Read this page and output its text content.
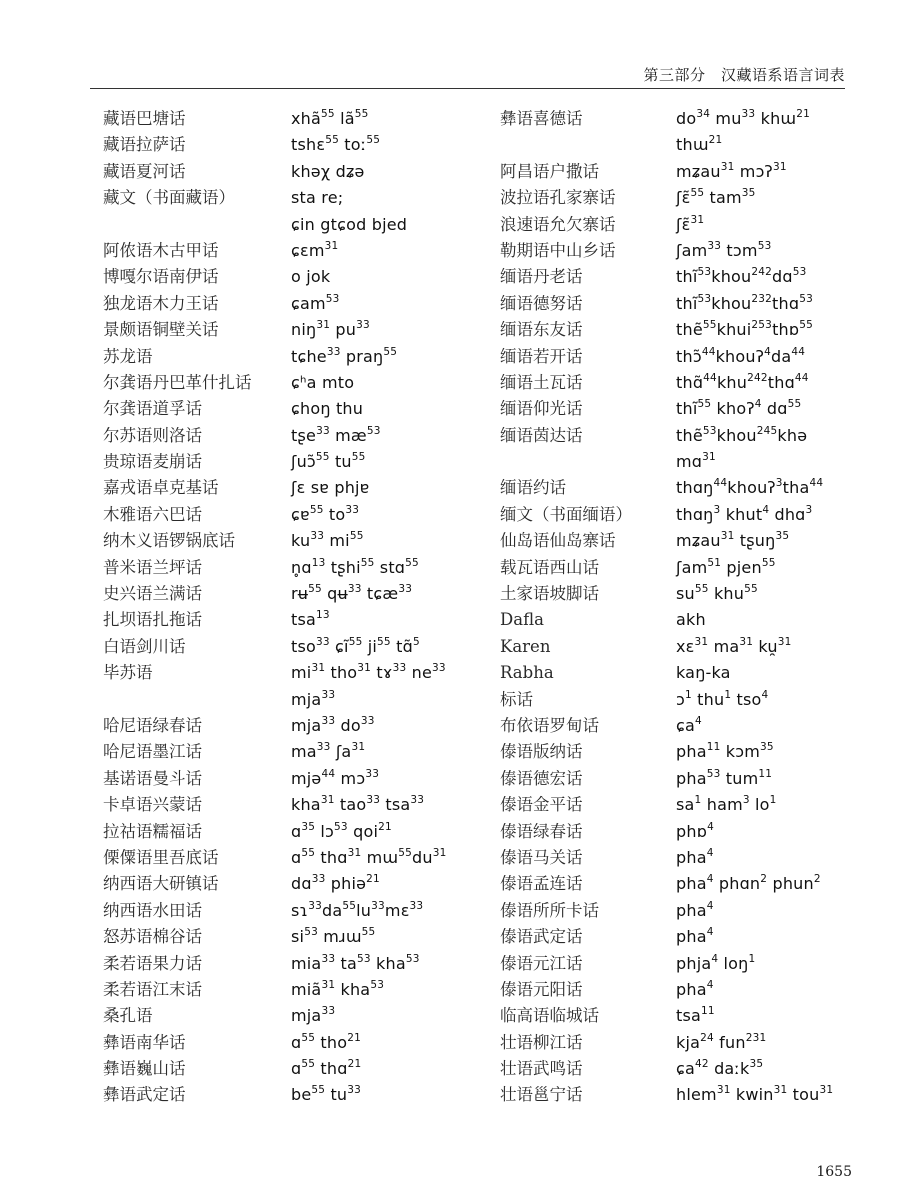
第三部分　汉藏语系语言词表
藏语巴塘话	xhã$^{55}$ $lã^{55}$
藏语拉萨话	tshɛ$^{55}$ toː$^{55}$
藏语夏河话	khəχ dʑə
藏文（书面藏语）	sta re;
ɕin gtɕod bjed
阿侬语木古甲话	ɕɛm$^{31}$
博嘎尔语南伊话	o jok
独龙语木力王话	ɕam$^{53}$
景颇语铜壁关话	niŋ$^{31}$ $pu^{33}$
苏龙语	tɕhe$^{33}$ praŋ$^{55}$
尔龚语丹巴革什扎话	ɕʰa mto
尔龚语道孚话	ɕhoŋ thu
尔苏语则洛话	tʂe$^{33}$ $mæ^{53}$
贵琼语麦崩话	ʃuɔ̃$^{55}$ $tu^{55}$
嘉戎语卓克基话	ʃɛ sɐ phjɐ
木雅语六巴话	ɕɐ$^{55}$ $to^{33}$
纳木义语锣锅底话	$ku^{33}$ $mi^{55}$
普米语兰坪话	n̥ɑ$^{13}$ tʂhi$^{55}$ stɑ$^{55}$
史兴语兰满话	rʉ$^{55}$ qʉ$^{33}$ tɕæ$^{33}$
扎坝语扎拖话	tsa$^{13}$
白语剑川话	tso$^{33}$ ɕĩ$^{55}$ $ji^{55}$ tɑ̃$^5$
毕苏语	$mi^{31}$ tho$^{31}$ tɤ$^{33}$ $ne^{33}$
mja$^{33}$
哈尼语绿春话	mja$^{33}$ $do^{33}$
哈尼语墨江话	$ma^{33}$ ʃa$^{31}$
基诺语曼斗话	mjə$^{44}$ mɔ$^{33}$
卡卓语兴蒙话	kha$^{31}$ tao$^{33}$ tsa$^{33}$
拉祜语糯福话	ɑ$^{35}$ lɔ$^{53}$ qoi$^{21}$
傈僳语里吾底话	ɑ$^{55}$ thɑ$^{31}$ $mɯ^{55}du^{31}$
纳西语大研镇话	dɑ$^{33}$ phiə$^{21}$
纳西语水田话	$sɿ^{33}da^{55}lu^{33}mɛ^{33}$
怒苏语棉谷话	$si^{53}$ mɹɯ$^{55}$
柔若语果力话	mia$^{33}$ $ta^{53}$ kha$^{53}$
柔若语江末话	miã$^{31}$ kha$^{53}$
桑孔语	mja$^{33}$
彝语南华话	ɑ$^{55}$ tho$^{21}$
彝语巍山话	ɑ$^{55}$ thɑ$^{21}$
彝语武定话	$be^{55}$ $tu^{33}$
彝语喜德话	$do^{34}$ $mu^{33}$ khɯ$^{21}$
thɯ$^{21}$
阿昌语户撒话	mʑau$^{31}$ mɔʔ$^{31}$
波拉语孔家寨话	ʃɛ̃$^{55}$ tam$^{35}$
浪速语允欠寨话	ʃɛ̃$^{31}$
勒期语中山乡话	ʃam$^{33}$ tɔm$^{53}$
缅语丹老话	thĩ$^{53}$khou$^{242}$dɑ$^{53}$
缅语德努话	thĩ$^{53}$khou$^{232}$thɑ$^{53}$
缅语东友话	thẽ$^{55}$khui$^{253}$thɒ$^{55}$
缅语若开话	$thɔ̃^{44}khouʔ^4da^{44}$
缅语土瓦话	thɑ̃$^{44}$khu$^{242}$thɑ$^{44}$
缅语仰光话	thĩ$^{55}$ khoʔ$^4$ dɑ$^{55}$
缅语茵达话	thẽ$^{53}$khou$^{245}$khə
mɑ$^{31}$
缅语约话	thɑŋ$^{44}$khouʔ$^3$tha$^{44}$
缅文（书面缅语）	thɑŋ$^3$ khut$^4$ dhɑ$^3$
仙岛语仙岛寨话	mʑau$^{31}$ tʂuŋ$^{35}$
载瓦语西山话	ʃam$^{51}$ pjen$^{55}$
土家语坡脚话	$su^{55}$ khu$^{55}$
Dafla	akh
Karen	xɛ$^{31}$ $ma^{31}$ ku̯$^{31}$
Rabha	kaŋ-ka
标话	ɔ$^1$ thu$^1$ tso$^4$
布依语罗甸话	ɕa$^4$
傣语版纳话	pha$^{11}$ kɔm$^{35}$
傣语德宏话	pha$^{53}$ tum$^{11}$
傣语金平话	$sa^1$ ham$^3$ $lo^1$
傣语绿春话	phɒ$^4$
傣语马关话	pha$^4$
傣语孟连话	pha$^4$ phɑn$^2$ phun$^2$
傣语所所卡话	pha$^4$
傣语武定话	pha$^4$
傣语元江话	phja$^4$ loŋ$^1$
傣语元阳话	pha$^4$
临高语临城话	tsa$^{11}$
壮语柳江话	kja$^{24}$ fun$^{231}$
壮语武鸣话	ɕa$^{42}$ daːk$^{35}$
壮语邕宁话	hlem$^{31}$ kwin$^{31}$ tou$^{31}$
1655
